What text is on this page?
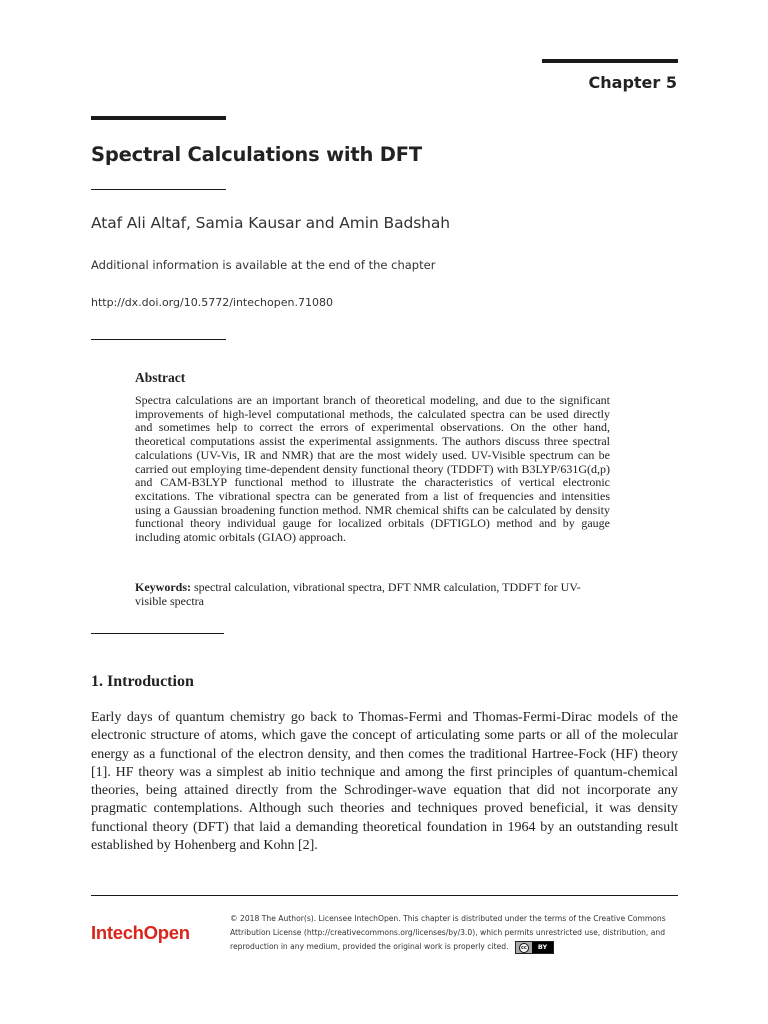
Chapter 5
Spectral Calculations with DFT
Ataf Ali Altaf, Samia Kausar and Amin Badshah
Additional information is available at the end of the chapter
http://dx.doi.org/10.5772/intechopen.71080
Abstract

Spectra calculations are an important branch of theoretical modeling, and due to the significant improvements of high-level computational methods, the calculated spectra can be used directly and sometimes help to correct the errors of experimental observations. On the other hand, theoretical computations assist the experimental assignments. The authors discuss three spectral calculations (UV-Vis, IR and NMR) that are the most widely used. UV-Visible spectrum can be carried out employing time-dependent density functional theory (TDDFT) with B3LYP/631G(d,p) and CAM-B3LYP functional method to illustrate the characteristics of vertical electronic excitations. The vibrational spectra can be generated from a list of frequencies and intensities using a Gaussian broadening function method. NMR chemical shifts can be calculated by density functional theory individual gauge for localized orbitals (DFTIGLO) method and by gauge including atomic orbitals (GIAO) approach.

Keywords: spectral calculation, vibrational spectra, DFT NMR calculation, TDDFT for UV-visible spectra

1. Introduction

Early days of quantum chemistry go back to Thomas-Fermi and Thomas-Fermi-Dirac models of the electronic structure of atoms, which gave the concept of articulating some parts or all of the molecular energy as a functional of the electron density, and then comes the traditional Hartree-Fock (HF) theory [1]. HF theory was a simplest ab initio technique and among the first principles of quantum-chemical theories, being attained directly from the Schrodinger-wave equation that did not incorporate any pragmatic contemplations. Although such theories and techniques proved beneficial, it was density functional theory (DFT) that laid a demanding theoretical foundation in 1964 by an outstanding result established by Hohenberg and Kohn [2].

IntechOpen

© 2018 The Author(s). Licensee IntechOpen. This chapter is distributed under the terms of the Creative Commons Attribution License (http://creativecommons.org/licenses/by/3.0), which permits unrestricted use, distribution, and reproduction in any medium, provided the original work is properly cited.	cc	BY
